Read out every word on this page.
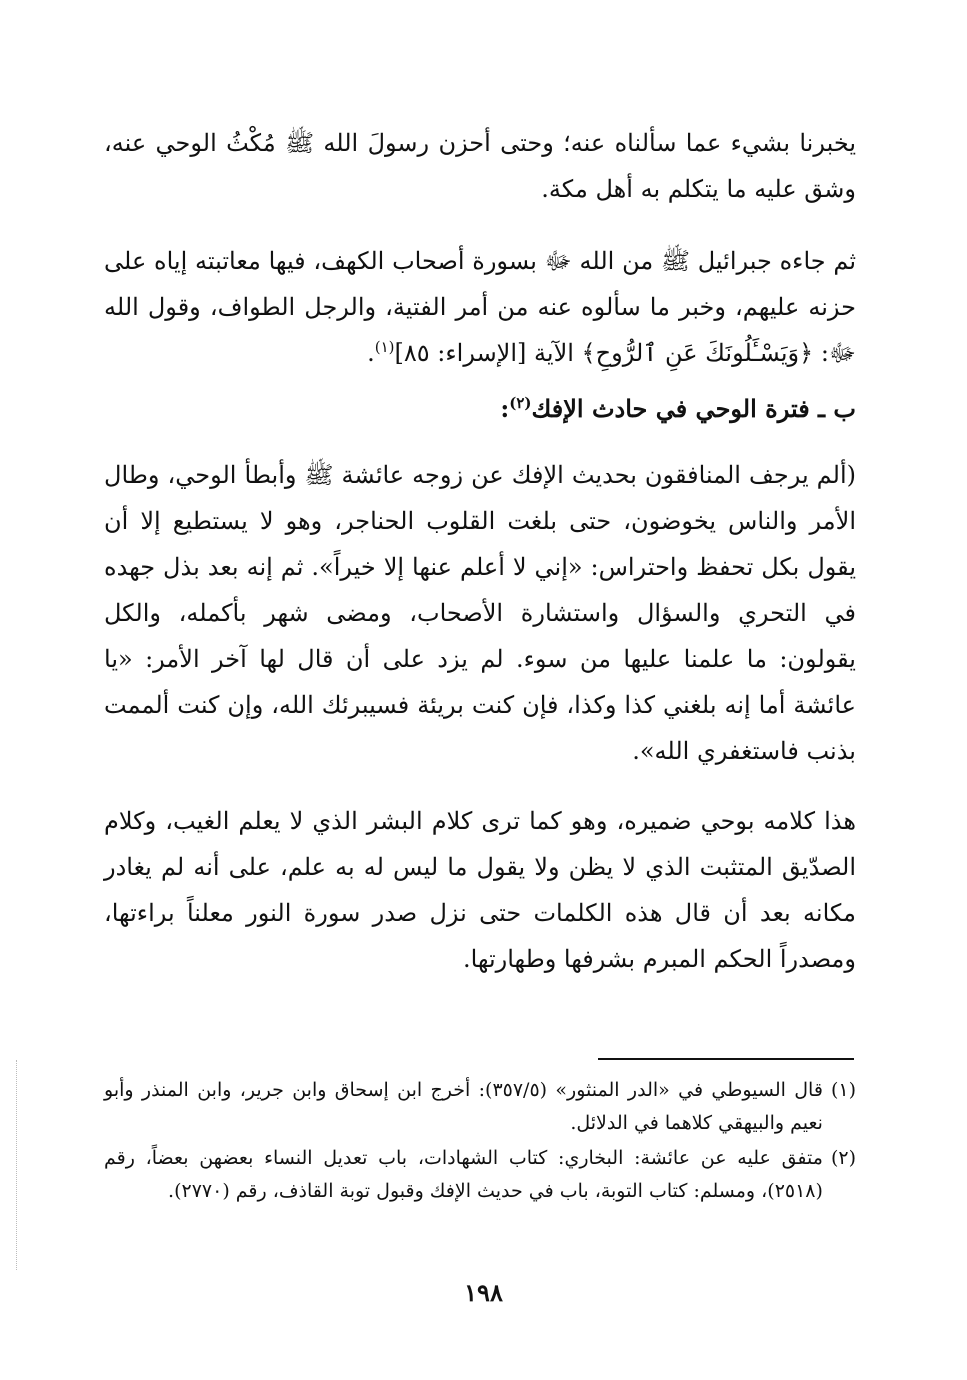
يخبرنا بشيء عما سألناه عنه؛ وحتى أحزن رسولَ الله ﷺ مُكْثُ الوحي عنه، وشق عليه ما يتكلم به أهل مكة.

ثم جاءه جبرائيل ﷺ من الله ﷻ بسورة أصحاب الكهف، فيها معاتبته إياه على حزنه عليهم، وخبر ما سألوه عنه من أمر الفتية، والرجل الطواف، وقول الله ﷻ: ﴿وَيَسْـَٔلُونَكَ عَنِ ٱلرُّوحِ﴾ الآية [الإسراء: ٨٥]$^{(١)}$.

ب ـ فترة الوحي في حادث الإفك$^{(٢)}$:

(ألم يرجف المنافقون بحديث الإفك عن زوجه عائشة ﷺ وأبطأ الوحي، وطال الأمر والناس يخوضون، حتى بلغت القلوب الحناجر، وهو لا يستطيع إلا أن يقول بكل تحفظ واحتراس: «إني لا أعلم عنها إلا خيراً». ثم إنه بعد بذل جهده في التحري والسؤال واستشارة الأصحاب، ومضى شهر بأكمله، والكل يقولون: ما علمنا عليها من سوء. لم يزد على أن قال لها آخر الأمر: «يا عائشة أما إنه بلغني كذا وكذا، فإن كنت بريئة فسيبرئك الله، وإن كنت ألممت بذنب فاستغفري الله».

هذا كلامه بوحي ضميره، وهو كما ترى كلام البشر الذي لا يعلم الغيب، وكلام الصدّيق المتثبت الذي لا يظن ولا يقول ما ليس له به علم، على أنه لم يغادر مكانه بعد أن قال هذه الكلمات حتى نزل صدر سورة النور معلناً براءتها، ومصدراً الحكم المبرم بشرفها وطهارتها.

(١)
قال السيوطي في «الدر المنثور» (٣٥٧/٥): أخرج ابن إسحاق وابن جرير، وابن المنذر وأبو نعيم والبيهقي كلاهما في الدلائل.
(٢)
متفق عليه عن عائشة: البخاري: كتاب الشهادات، باب تعديل النساء بعضهن بعضاً، رقم (٢٥١٨)، ومسلم: كتاب التوبة، باب في حديث الإفك وقبول توبة القاذف، رقم (٢٧٧٠).
١٩٨
